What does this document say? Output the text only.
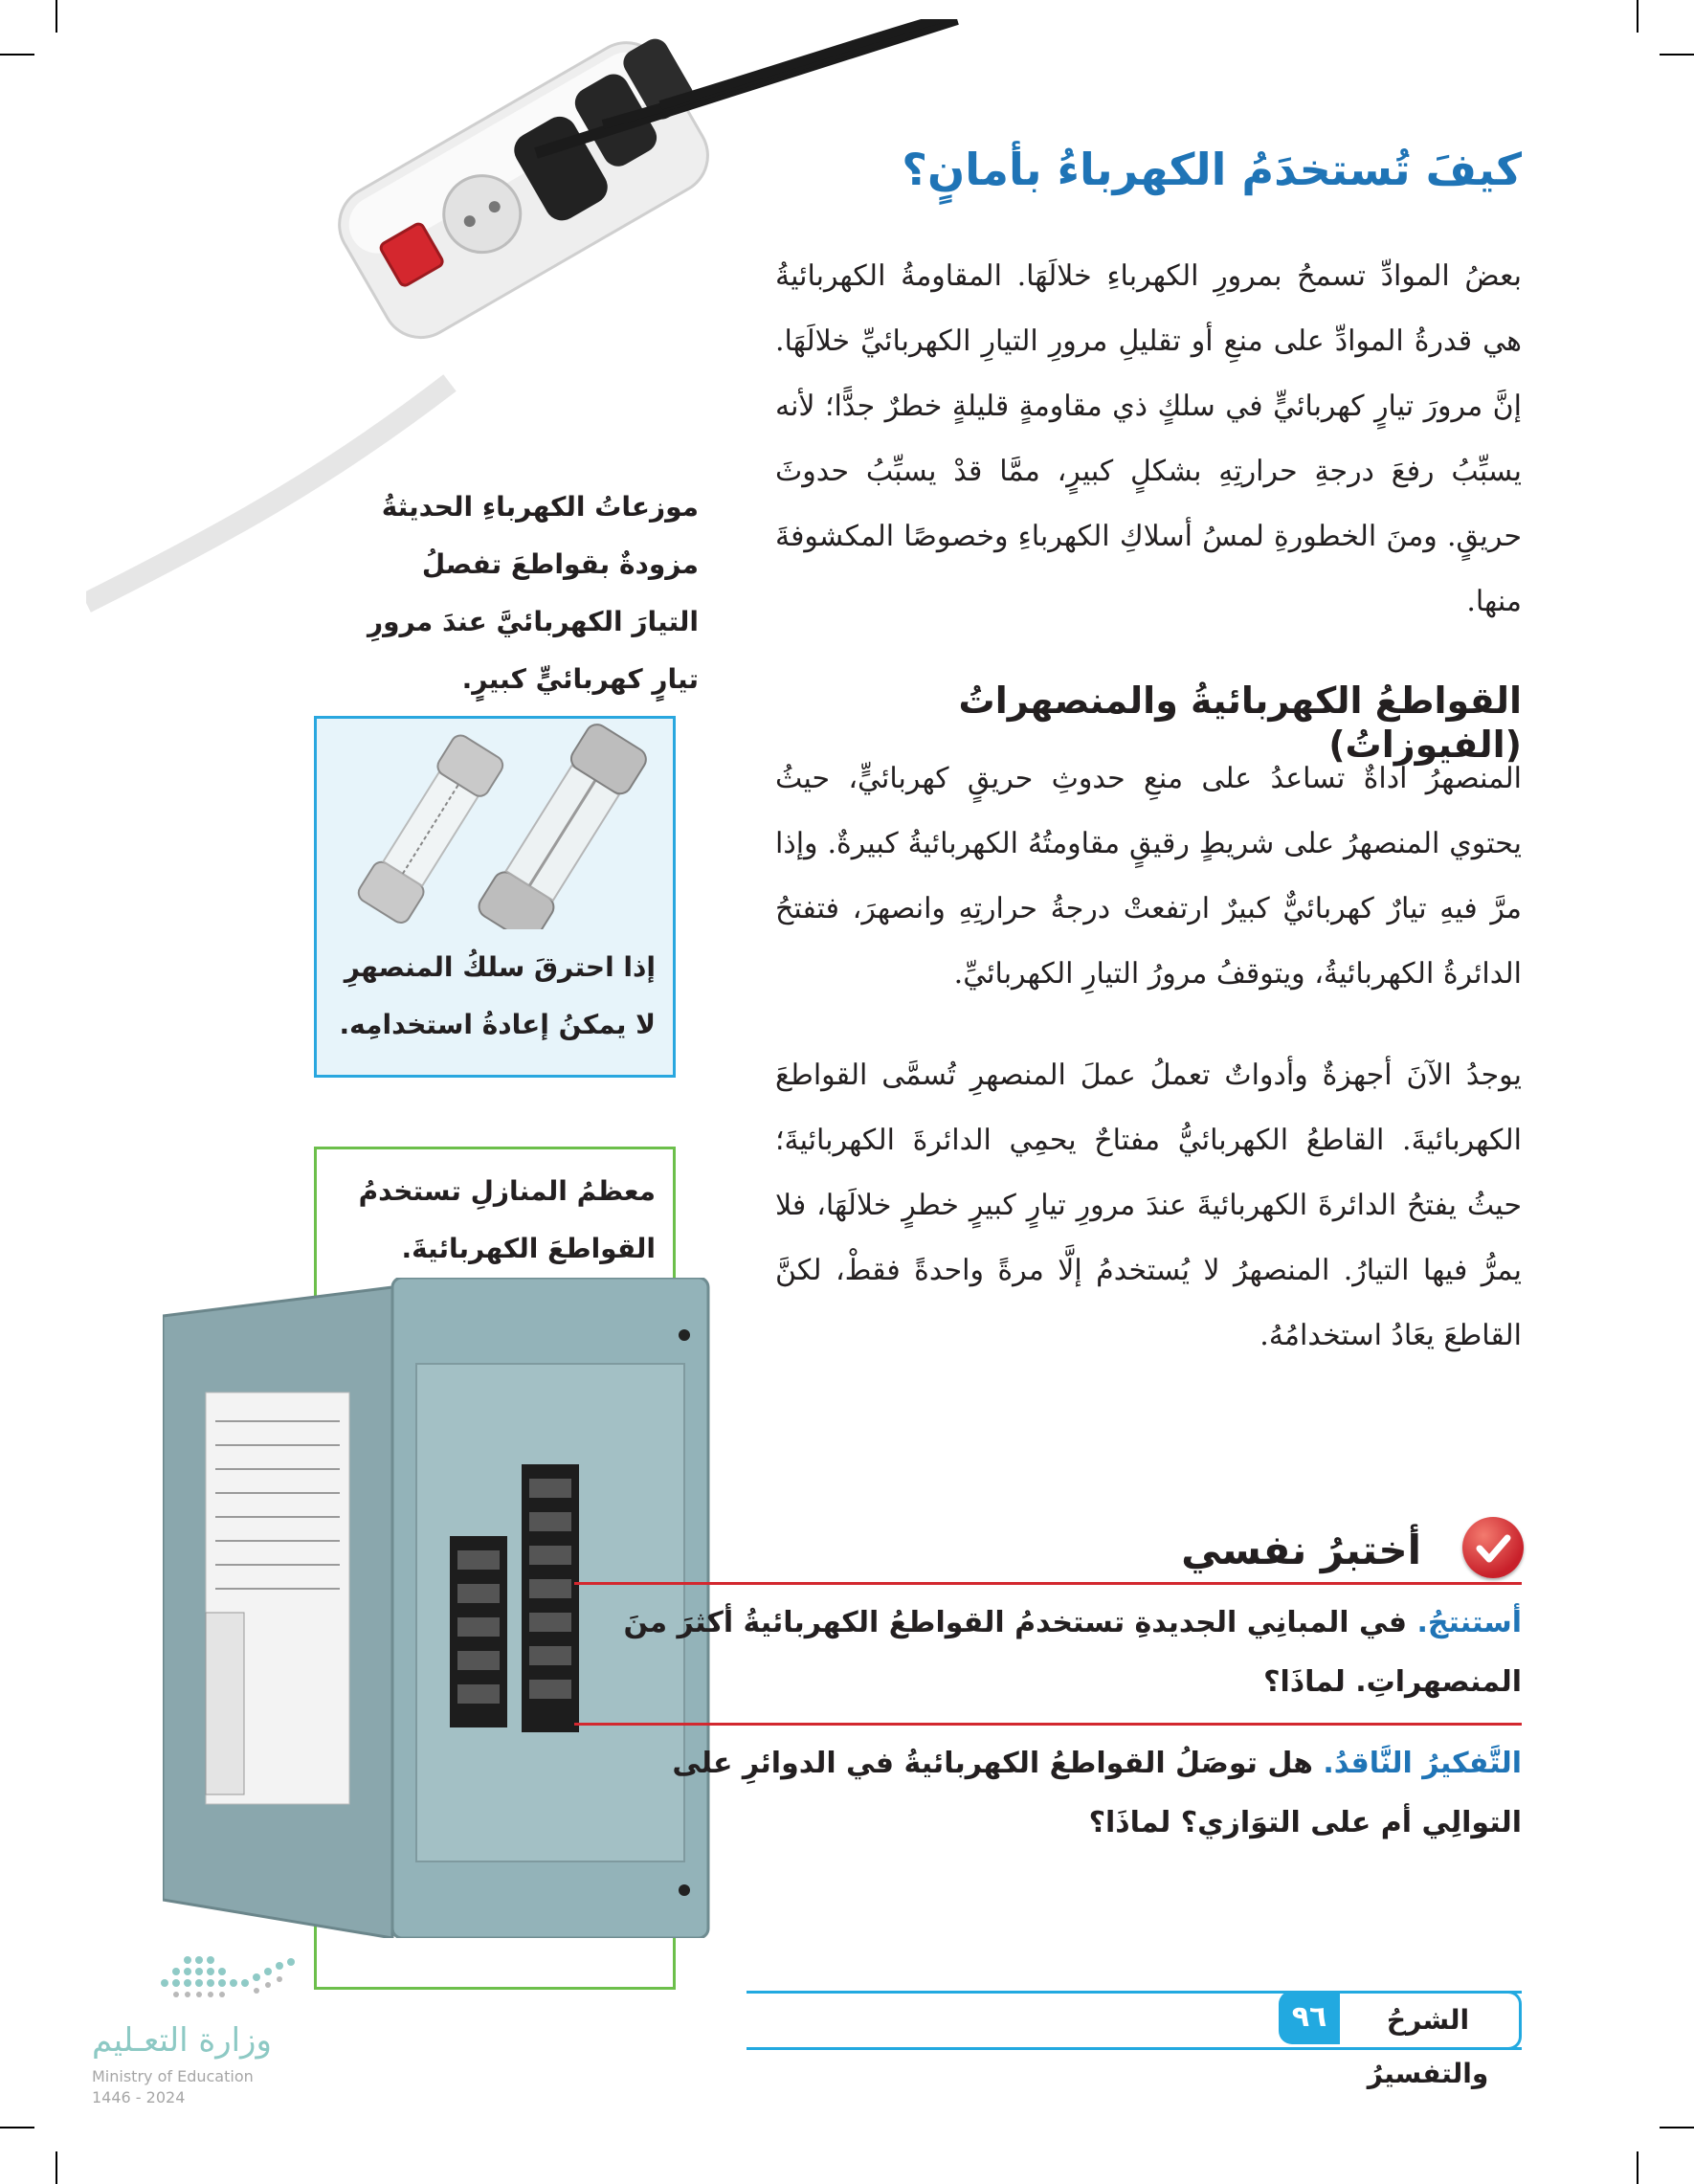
كيفَ تُستخدَمُ الكهرباءُ بأمانٍ؟
بعضُ الموادِّ تسمحُ بمرورِ الكهرباءِ خلالَهَا. المقاومةُ الكهربائيةُ هي قدرةُ الموادِّ على منعِ أو تقليلِ مرورِ التيارِ الكهربائيِّ خلالَهَا. إنَّ مرورَ تيارٍ كهربائيٍّ في سلكٍ ذي مقاومةٍ قليلةٍ خطرٌ جدًّا؛ لأنه يسبِّبُ رفعَ درجةِ حرارتِهِ بشكلٍ كبيرٍ، ممَّا قدْ يسبِّبُ حدوثَ حريقٍ. ومنَ الخطورةِ لمسُ أسلاكِ الكهرباءِ وخصوصًا المكشوفةَ منها.
موزعاتُ الكهرباءِ الحديثةُ مزودةٌ بقواطعَ تفصلُ التيارَ الكهربائيَّ عندَ مرورِ تيارٍ كهربائيٍّ كبيرٍ.
القواطعُ الكهربائيةُ والمنصهراتُ (الفيوزاتُ)
المنصهرُ أداةٌ تساعدُ على منعِ حدوثِ حريقٍ كهربائيٍّ، حيثُ يحتوي المنصهرُ على شريطٍ رقيقٍ مقاومتُهُ الكهربائيةُ كبيرةٌ. وإذا مرَّ فيهِ تيارٌ كهربائيٌّ كبيرٌ ارتفعتْ درجةُ حرارتِهِ وانصهرَ، فتفتحُ الدائرةُ الكهربائيةُ، ويتوقفُ مرورُ التيارِ الكهربائيِّ.
يوجدُ الآنَ أجهزةٌ وأدواتٌ تعملُ عملَ المنصهرِ تُسمَّى القواطعَ الكهربائيةَ. القاطعُ الكهربائيُّ مفتاحٌ يحمِي الدائرةَ الكهربائيةَ؛ حيثُ يفتحُ الدائرةَ الكهربائيةَ عندَ مرورِ تيارٍ كبيرٍ خطرٍ خلالَهَا، فلا يمرُّ فيها التيارُ. المنصهرُ لا يُستخدمُ إلَّا مرةً واحدةً فقطْ، لكنَّ القاطعَ يعَادُ استخدامُهُ.
إذا احترقَ سلكُ المنصهرِ لا يمكنُ إعادةُ استخدامِه.
معظمُ المنازلِ تستخدمُ القواطعَ الكهربائيةَ.
أختبرُ نفسي
أستنتجُ. في المبانِي الجديدةِ تستخدمُ القواطعُ الكهربائيةُ أكثرَ منَ المنصهراتِ. لماذَا؟
التَّفكيرُ النَّاقدُ. هل توصَلُ القواطعُ الكهربائيةُ في الدوائرِ على التوالِي أم على التوَازي؟ لماذَا؟
الشرحُ والتفسيرُ
٩٦
وزارة التعـليم
Ministry of Education
2024 - 1446
